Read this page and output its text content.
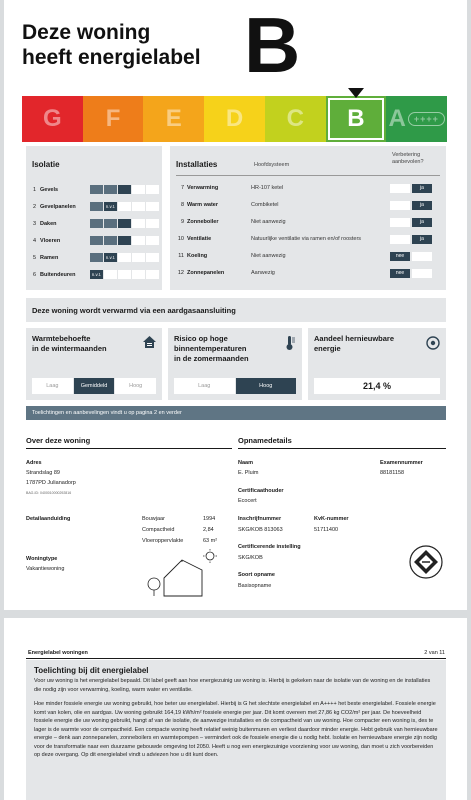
Deze woning
heeft energielabel B
G F E D C B A ++++
Isolatie
1 Gevels
2 Gevelpanelen	n.v.t.
3 Daken
4 Vloeren
5 Ramen	n.v.t.
6 Buitendeuren	n.v.t.
Installaties	Hoofdsysteem
Verbetering aanbevolen?
7 Verwarming	HR-107 ketel	ja
8 Warm water	Combiketel	ja
9 Zonneboiler	Niet aanwezig	ja
10 Ventilatie	Natuurlijke ventilatie via ramen en/of roosters	ja
11 Koeling	Niet aanwezig	nee
12 Zonnepanelen	Aanwezig	nee
Deze woning wordt verwarmd via een aardgasaansluiting
Warmtebehoefte
in de wintermaanden
Laag	Gemiddeld	Hoog
Risico op hoge
binnentemperaturen
in de zomermaanden
Laag	Hoog
Aandeel hernieuwbare
energie
21,4 %
Toelichtingen en aanbevelingen vindt u op pagina 2 en verder
Over deze woning
Adres
Strandslag 89
1787PD Julianadorp
BAG-ID: 0400010000292816
Detailaanduiding	Bouwjaar	1994
Compactheid	2,84
Vloeroppervlakte	63 m²
Woningtype
Vakantiewoning
Opnamedetails
Naam
E. Pluim
Examennummer
88181158
Certificaathouder
Ecocert
Inschrijfnummer
SKG/KOB 813063
KvK-nummer
51711400
Certificerende instelling
SKG/KOB
Soort opname
Basisopname
Energielabel woningen	2 van 11
Toelichting bij dit energielabel
Voor uw woning is het energielabel bepaald. Dit label geeft aan hoe energiezuinig uw woning is. Hierbij is gekeken naar de isolatie van de woning en de installaties die nodig zijn voor verwarming, koeling, warm water en ventilatie.
Hoe minder fossiele energie uw woning gebruikt, hoe beter uw energielabel. Hierbij is G het slechtste energielabel en A++++ het beste energielabel. Fossiele energie komt van kolen, olie en aardgas. Uw woning gebruikt 164,19 kWh/m² fossiele energie per jaar. Dit komt overeen met 27,86 kg CO2/m² per jaar. De hoeveelheid fossiele energie die uw woning gebruikt, hangt af van de isolatie, de aanwezige installaties en de compactheid van uw woning. Hoe compacter een woning is, des te lager is de warmte voor de compactheid. Een compacte woning heeft relatief weinig buitenmuren en verliest daardoor minder energie. Hebt gebruik van hernieuwbare energie – denk aan zonnepanelen, zonneboilers en warmtepompen – vermindert ook de fossiele energie die u nodig hebt. Isolatie en hernieuwbare energie zijn nodig voor de transformatie naar een duurzame gebouwde omgeving tot 2050. Heeft u nog een energiezuinige voorziening voor uw woning, dan moet u zich voorbereiden op deze overgang. Op dit energielabel vindt u adviezen hoe u dit kunt doen.
